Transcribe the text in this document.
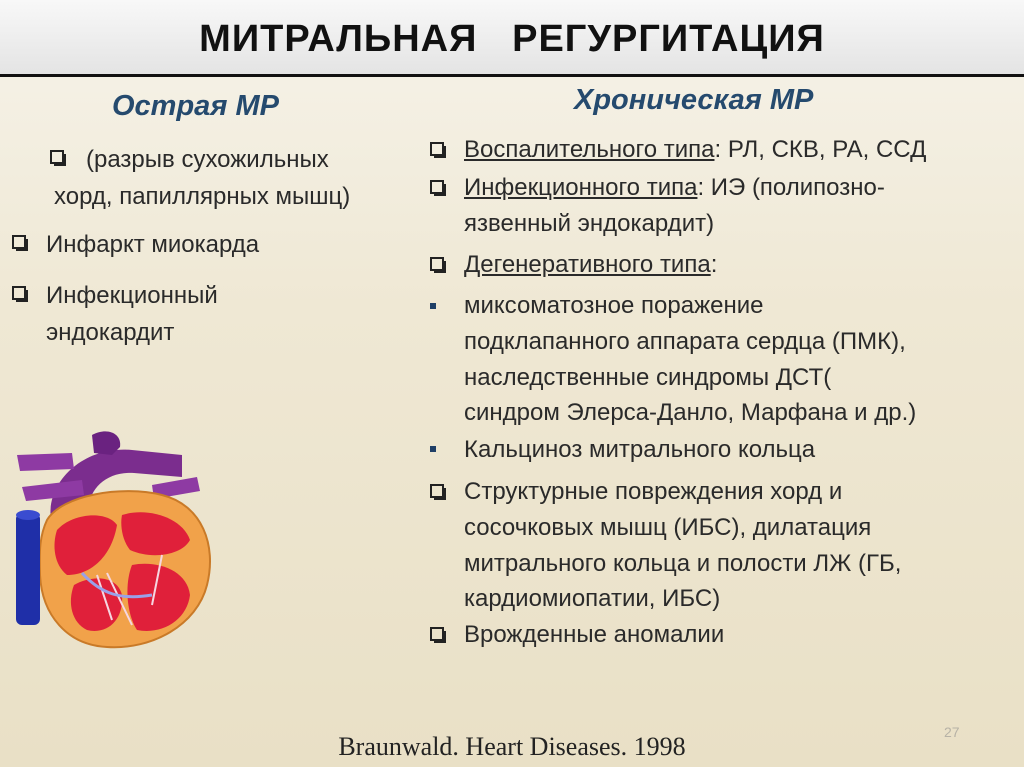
МИТРАЛЬНАЯ   РЕГУРГИТАЦИЯ
Острая МР
(разрыв сухожильных
хорд, папиллярных мышц)
Инфаркт миокарда
Инфекционный
эндокардит
Хроническая МР
Воспалительного типа: РЛ, СКВ, РА, ССД
Инфекционного типа: ИЭ (полипозно-
язвенный эндокардит)
Дегенеративного типа:
миксоматозное поражение
подклапанного аппарата сердца (ПМК),
наследственные синдромы ДСТ(
синдром Элерса-Данло, Марфана и др.)
Кальциноз митрального кольца
Структурные повреждения хорд и
сосочковых мышц (ИБС), дилатация
митрального кольца и полости ЛЖ (ГБ,
кардиомиопатии, ИБС)
Врожденные аномалии
27
Braunwald. Heart Diseases. 1998
